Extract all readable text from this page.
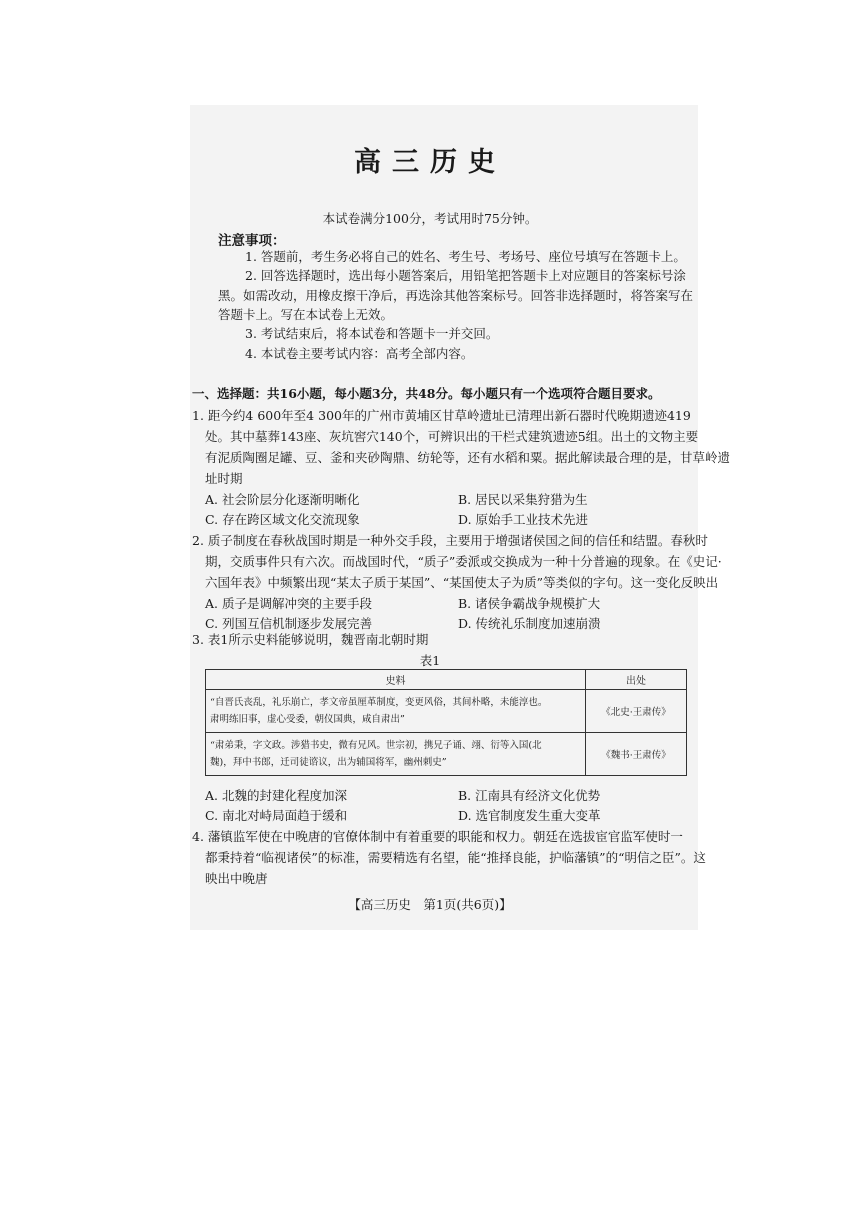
高三历史
本试卷满分100分，考试用时75分钟。
注意事项：
1. 答题前，考生务必将自己的姓名、考生号、考场号、座位号填写在答题卡上。
2. 回答选择题时，选出每小题答案后，用铅笔把答题卡上对应题目的答案标号涂
黑。如需改动，用橡皮擦干净后，再选涂其他答案标号。回答非选择题时，将答案写在
答题卡上。写在本试卷上无效。
3. 考试结束后，将本试卷和答题卡一并交回。
4. 本试卷主要考试内容：高考全部内容。
一、选择题：共16小题，每小题3分，共48分。每小题只有一个选项符合题目要求。
1. 距今约4 600年至4 300年的广州市黄埔区甘草岭遗址已清理出新石器时代晚期遗迹419
处。其中墓葬143座、灰坑窖穴140个，可辨识出的干栏式建筑遗迹5组。出土的文物主要
有泥质陶圈足罐、豆、釜和夹砂陶鼎、纺轮等，还有水稻和粟。据此解读最合理的是，甘草岭遗
址时期
A. 社会阶层分化逐渐明晰化	B. 居民以采集狩猎为生
C. 存在跨区域文化交流现象	D. 原始手工业技术先进
2. 质子制度在春秋战国时期是一种外交手段，主要用于增强诸侯国之间的信任和结盟。春秋时
期，交质事件只有六次。而战国时代，“质子”委派或交换成为一种十分普遍的现象。在《史记·
六国年表》中频繁出现“某太子质于某国”、“某国使太子为质”等类似的字句。这一变化反映出
A. 质子是调解冲突的主要手段	B. 诸侯争霸战争规模扩大
C. 列国互信机制逐步发展完善	D. 传统礼乐制度加速崩溃
3. 表1所示史料能够说明，魏晋南北朝时期
表1
史料	出处

“自晋氏丧乱，礼乐崩亡，孝文帝虽厘革制度，变更风俗，其间朴略，未能淳也。
肃明练旧事，虚心受委，朝仪国典，咸自肃出”	《北史·王肃传》

“肃弟秉，字文政。涉猎书史，微有兄风。世宗初，携兄子诵、翊、衍等入国(北
魏)，拜中书郎，迁司徒谘议，出为辅国将军，幽州刺史”	《魏书·王肃传》
A. 北魏的封建化程度加深	B. 江南具有经济文化优势
C. 南北对峙局面趋于缓和	D. 选官制度发生重大变革
4. 藩镇监军使在中晚唐的官僚体制中有着重要的职能和权力。朝廷在选拔宦官监军使时一
都秉持着“临视诸侯”的标准，需要精选有名望，能“推择良能，护临藩镇”的“明信之臣”。这
映出中晚唐
【高三历史　第1页(共6页)】
